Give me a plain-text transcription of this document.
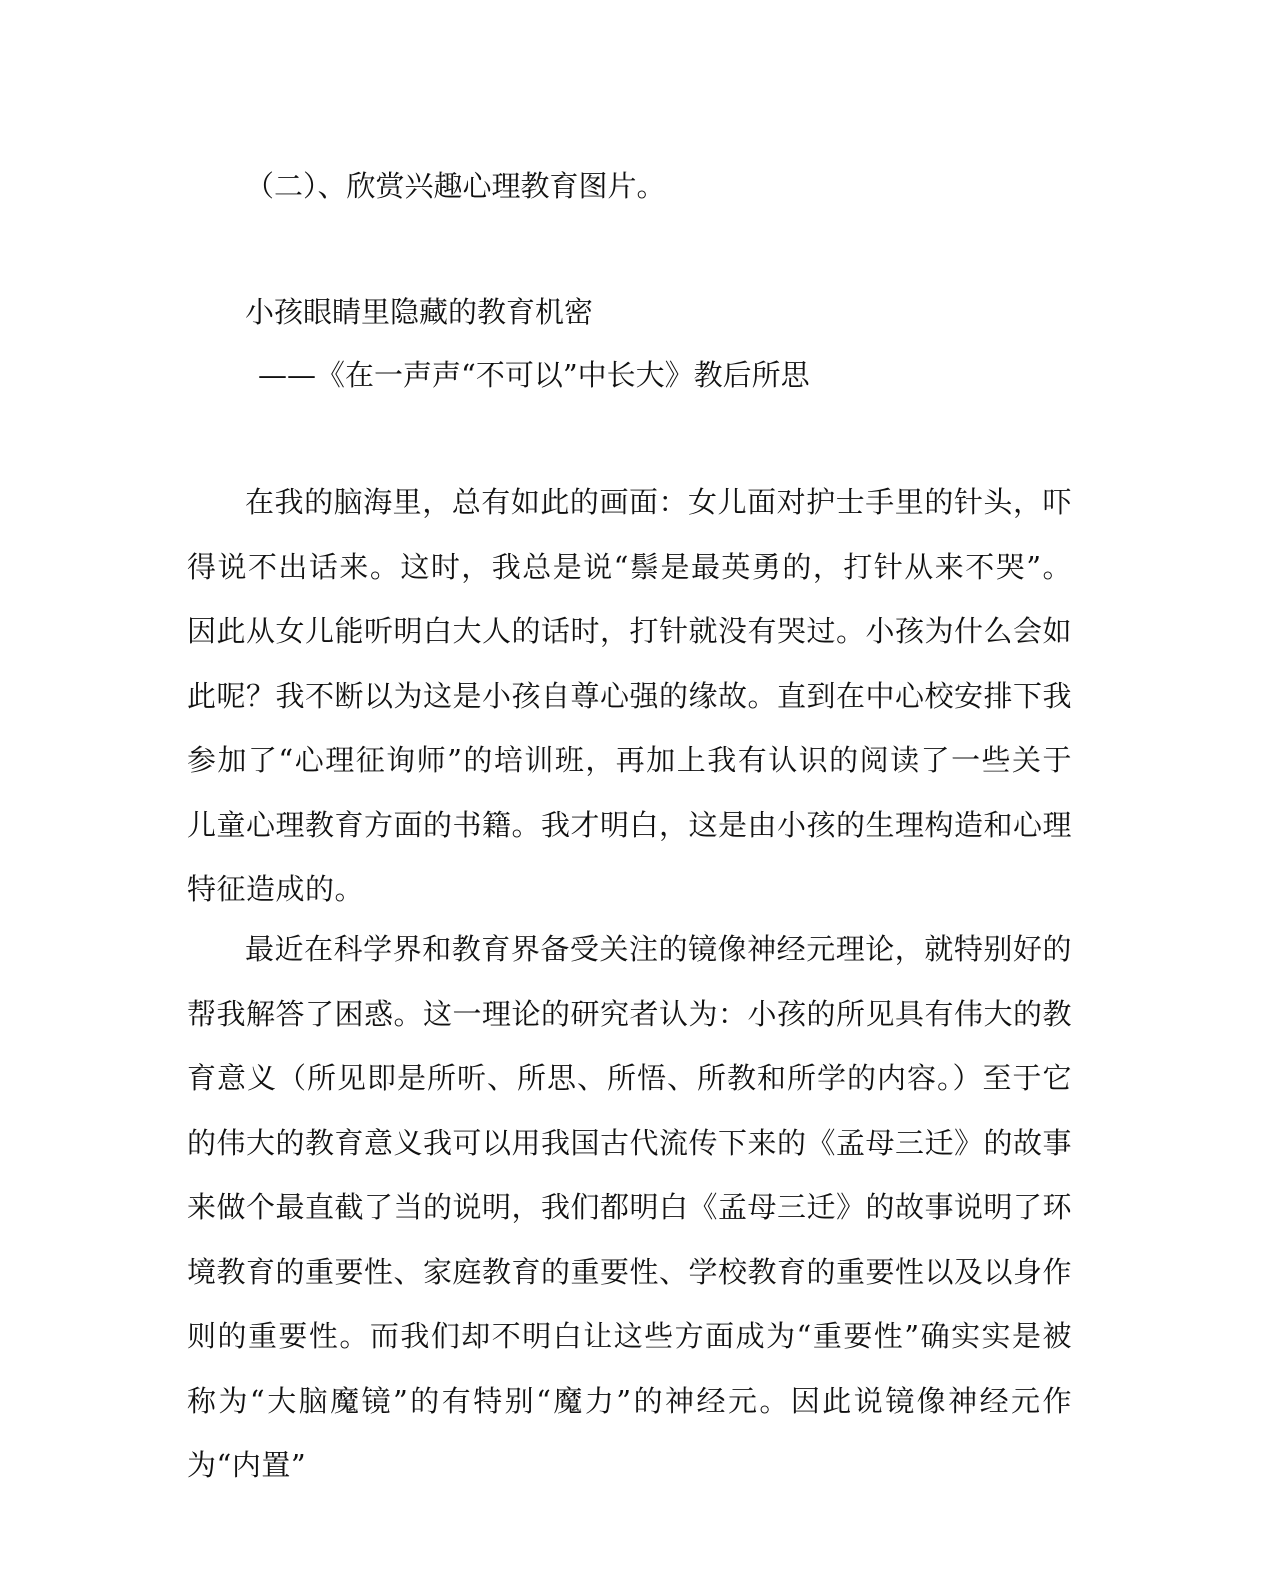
（二）、欣赏兴趣心理教育图片。

小孩眼睛里隐藏的教育机密

——《在一声声“不可以”中长大》教后所思

在我的脑海里，总有如此的画面：女儿面对护士手里的针头，吓得说不出话来。这时，我总是说“鬃是最英勇的，打针从来不哭”。因此从女儿能听明白大人的话时，打针就没有哭过。小孩为什么会如此呢？我不断以为这是小孩自尊心强的缘故。直到在中心校安排下我参加了“心理征询师”的培训班，再加上我有认识的阅读了一些关于儿童心理教育方面的书籍。我才明白，这是由小孩的生理构造和心理特征造成的。

最近在科学界和教育界备受关注的镜像神经元理论，就特别好的帮我解答了困惑。这一理论的研究者认为：小孩的所见具有伟大的教育意义（所见即是所听、所思、所悟、所教和所学的内容。）至于它的伟大的教育意义我可以用我国古代流传下来的《孟母三迁》的故事来做个最直截了当的说明，我们都明白《孟母三迁》的故事说明了环境教育的重要性、家庭教育的重要性、学校教育的重要性以及以身作则的重要性。而我们却不明白让这些方面成为“重要性”确实实是被称为“大脑魔镜”的有特别“魔力”的神经元。因此说镜像神经元作为“内置”
